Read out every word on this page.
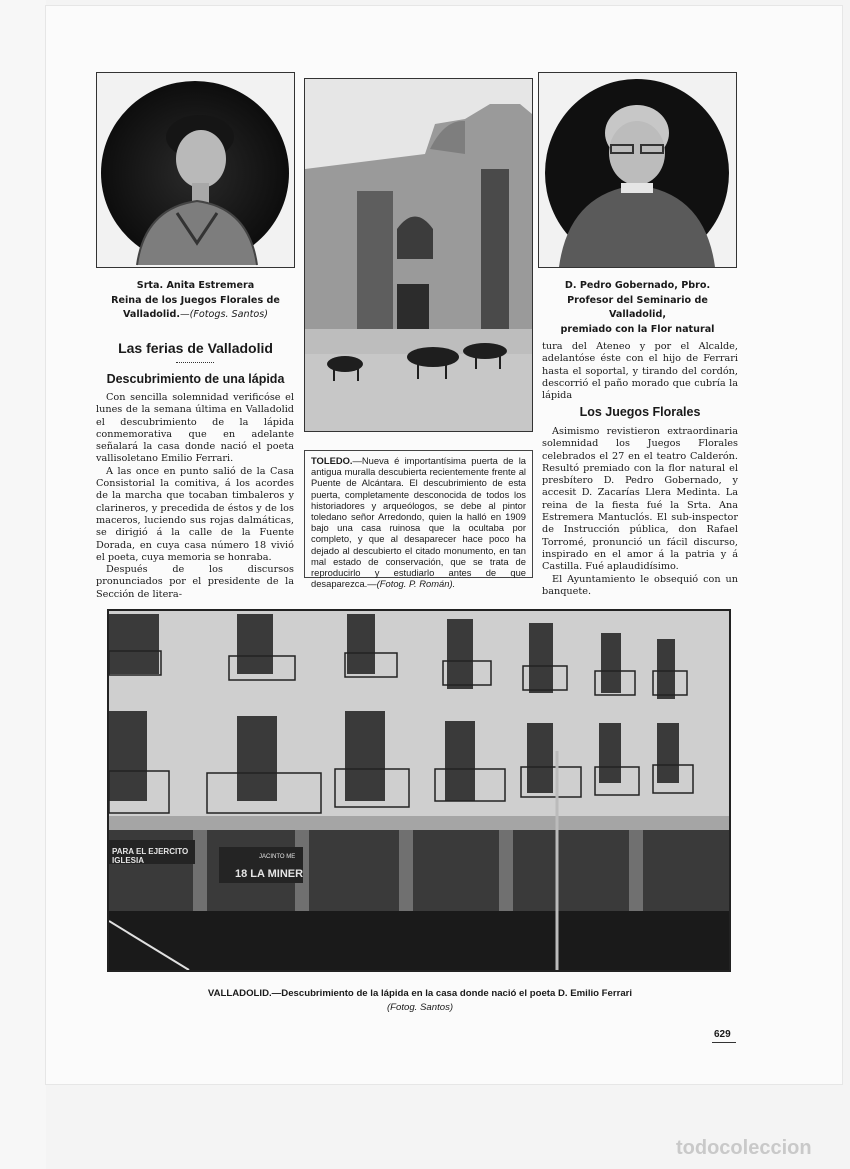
Srta. Anita Estremera
Reina de los Juegos Florales de
Valladolid.—(Fotogs. Santos)
D. Pedro Gobernado, Pbro.
Profesor del Seminario de Valladolid,
premiado con la Flor natural
Las ferias de Valladolid
Descubrimiento de una lápida

Con sencilla solemnidad verificóse el lunes de la semana última en Valladolid el descubrimiento de la lápida conmemorativa que en adelante señalará la casa donde nació el poeta vallisoletano Emilio Ferrari.

A las once en punto salió de la Casa Consistorial la comitiva, á los acordes de la marcha que tocaban timbaleros y clarineros, y precedida de éstos y de los maceros, luciendo sus rojas dalmáticas, se dirigió á la calle de la Fuente Dorada, en cuya casa número 18 vivió el poeta, cuya memoria se honraba.

Después de los discursos pronunciados por el presidente de la Sección de litera-

TOLEDO.—Nueva é importantísima puerta de la antigua muralla descubierta recientemente frente al Puente de Alcántara. El descubrimiento de esta puerta, completamente desconocida de todos los historiadores y arqueólogos, se debe al pintor toledano señor Arredondo, quien la halló en 1909 bajo una casa ruinosa que la ocultaba por completo, y que al desaparecer hace poco ha dejado al descubierto el citado monumento, en tan mal estado de conservación, que se trata de reproducirlo y estudiarlo antes de que desaparezca.—(Fotog. P. Román).

tura del Ateneo y por el Alcalde, adelantóse éste con el hijo de Ferrari hasta el soportal, y tirando del cordón, descorrió el paño morado que cubría la lápida

Los Juegos Florales

Asimismo revistieron extraordinaria solemnidad los Juegos Florales celebrados el 27 en el teatro Calderón. Resultó premiado con la flor natural el presbítero D. Pedro Gobernado, y accesit D. Zacarías Llera Medinta. La reina de la fiesta fué la Srta. Ana Estremera Mantuclós. El sub-inspector de Instrucción pública, don Rafael Torromé, pronunció un fácil discurso, inspirado en el amor á la patria y á Castilla. Fué aplaudidísimo.

El Ayuntamiento le obsequió con un banquete.

PARA EL EJERCITO
IGLESIA	JACINTO ME
18 LA MINER
VALLADOLID.—Descubrimiento de la lápida en la casa donde nació el poeta D. Emilio Ferrari
(Fotog. Santos)
629
todocoleccion
